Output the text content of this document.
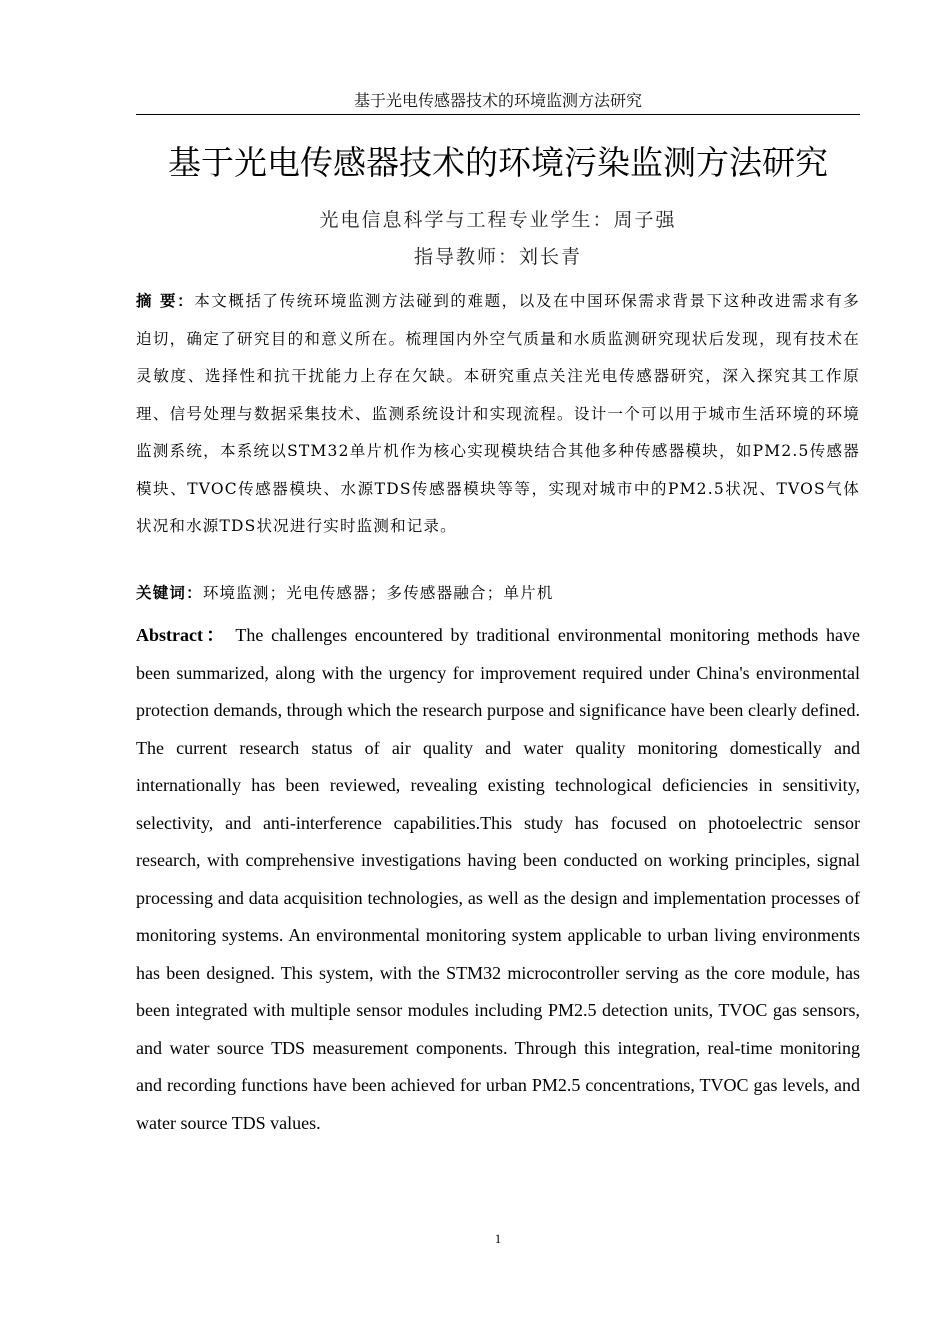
基于光电传感器技术的环境监测方法研究
基于光电传感器技术的环境污染监测方法研究
光电信息科学与工程专业学生：周子强
指导教师：刘长青
摘 要：本文概括了传统环境监测方法碰到的难题，以及在中国环保需求背景下这种改进需求有多迫切，确定了研究目的和意义所在。梳理国内外空气质量和水质监测研究现状后发现，现有技术在灵敏度、选择性和抗干扰能力上存在欠缺。本研究重点关注光电传感器研究，深入探究其工作原理、信号处理与数据采集技术、监测系统设计和实现流程。设计一个可以用于城市生活环境的环境监测系统，本系统以STM32单片机作为核心实现模块结合其他多种传感器模块，如PM2.5传感器模块、TVOC传感器模块、水源TDS传感器模块等等，实现对城市中的PM2.5状况、TVOS气体状况和水源TDS状况进行实时监测和记录。
关键词：环境监测；光电传感器；多传感器融合；单片机
Abstract： The challenges encountered by traditional environmental monitoring methods have been summarized, along with the urgency for improvement required under China's environmental protection demands, through which the research purpose and significance have been clearly defined. The current research status of air quality and water quality monitoring domestically and internationally has been reviewed, revealing existing technological deficiencies in sensitivity, selectivity, and anti-interference capabilities.This study has focused on photoelectric sensor research, with comprehensive investigations having been conducted on working principles, signal processing and data acquisition technologies, as well as the design and implementation processes of monitoring systems. An environmental monitoring system applicable to urban living environments has been designed. This system, with the STM32 microcontroller serving as the core module, has been integrated with multiple sensor modules including PM2.5 detection units, TVOC gas sensors, and water source TDS measurement components. Through this integration, real-time monitoring and recording functions have been achieved for urban PM2.5 concentrations, TVOC gas levels, and water source TDS values.
1
